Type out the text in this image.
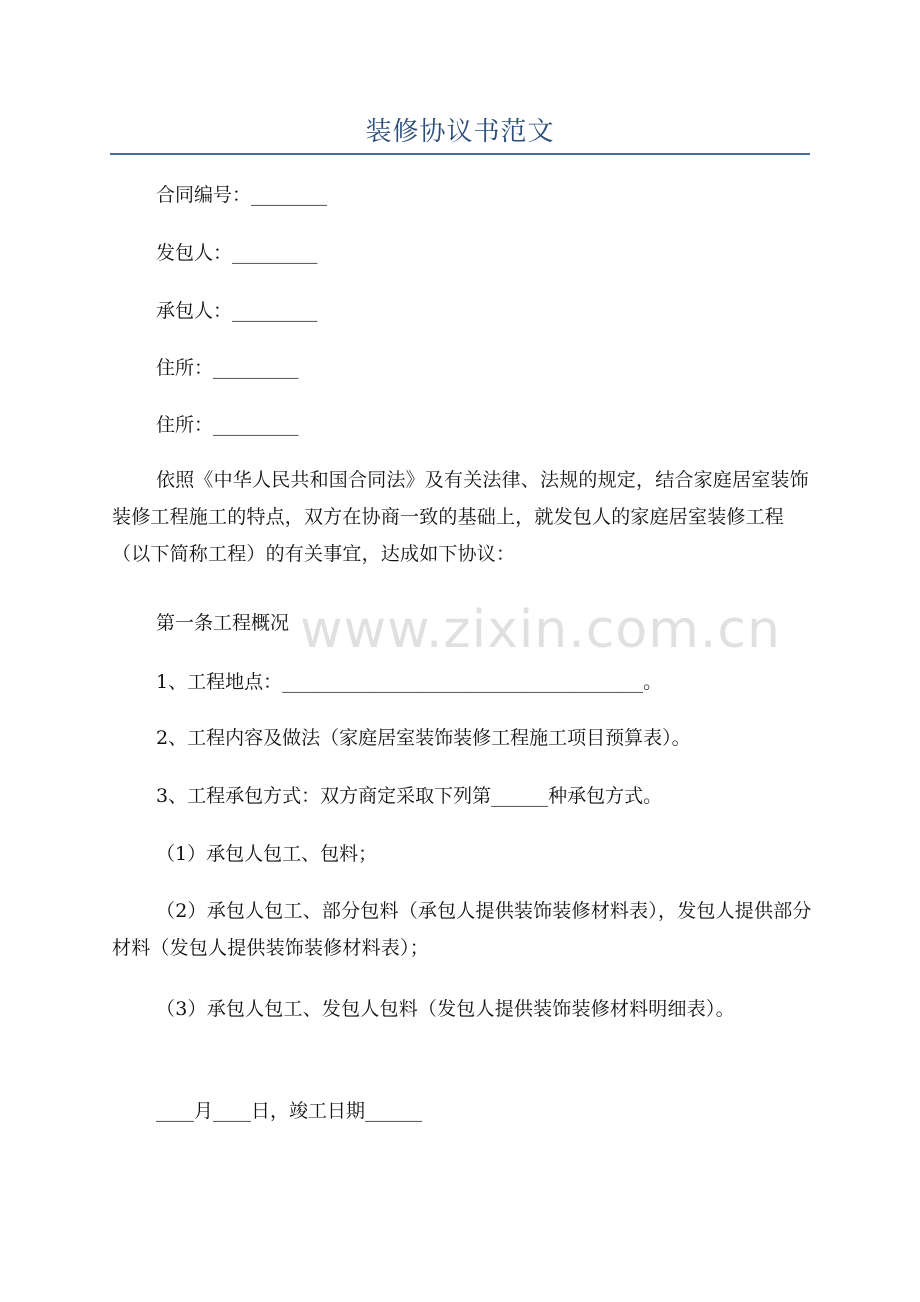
装修协议书范文
合同编号：________
发包人：_________
承包人：_________
住所：_________
住所：_________
依照《中华人民共和国合同法》及有关法律、法规的规定，结合家庭居室装饰装修工程施工的特点，双方在协商一致的基础上，就发包人的家庭居室装修工程（以下简称工程）的有关事宜，达成如下协议：
第一条工程概况
1、工程地点：______________________________________。
2、工程内容及做法（家庭居室装饰装修工程施工项目预算表）。
3、工程承包方式：双方商定采取下列第______种承包方式。
（1）承包人包工、包料；
（2）承包人包工、部分包料（承包人提供装饰装修材料表），发包人提供部分材料（发包人提供装饰装修材料表）；
（3）承包人包工、发包人包料（发包人提供装饰装修材料明细表）。
____月____日，竣工日期______
www.zixin.com.cn
